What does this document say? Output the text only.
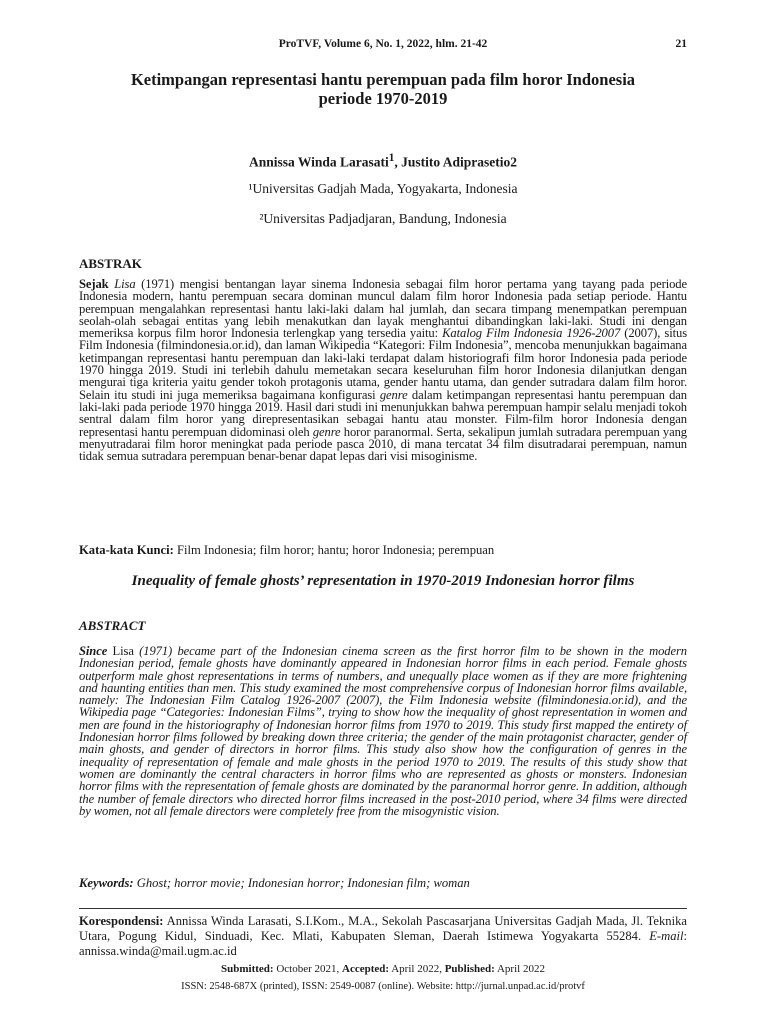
ProTVF, Volume 6, No. 1, 2022, hlm. 21-42	21
Ketimpangan representasi hantu perempuan pada film horor Indonesia
periode 1970-2019
Annissa Winda Larasati$^1$, Justito Adiprasetio2
¹Universitas Gadjah Mada, Yogyakarta, Indonesia
²Universitas Padjadjaran, Bandung, Indonesia
ABSTRAK

Sejak Lisa (1971) mengisi bentangan layar sinema Indonesia sebagai film horor pertama yang tayang pada periode Indonesia modern, hantu perempuan secara dominan muncul dalam film horor Indonesia pada setiap periode. Hantu perempuan mengalahkan representasi hantu laki-laki dalam hal jumlah, dan secara timpang menempatkan perempuan seolah-olah sebagai entitas yang lebih menakutkan dan layak menghantui dibandingkan laki-laki. Studi ini dengan memeriksa korpus film horor Indonesia terlengkap yang tersedia yaitu: Katalog Film Indonesia 1926-2007 (2007), situs Film Indonesia (filmindonesia.or.id), dan laman Wikipedia “Kategori: Film Indonesia”, mencoba menunjukkan bagaimana ketimpangan representasi hantu perempuan dan laki-laki terdapat dalam historiografi film horor Indonesia pada periode 1970 hingga 2019. Studi ini terlebih dahulu memetakan secara keseluruhan film horor Indonesia dilanjutkan dengan mengurai tiga kriteria yaitu gender tokoh protagonis utama, gender hantu utama, dan gender sutradara dalam film horor. Selain itu studi ini juga memeriksa bagaimana konfigurasi genre dalam ketimpangan representasi hantu perempuan dan laki-laki pada periode 1970 hingga 2019. Hasil dari studi ini menunjukkan bahwa perempuan hampir selalu menjadi tokoh sentral dalam film horor yang direpresentasikan sebagai hantu atau monster. Film-film horor Indonesia dengan representasi hantu perempuan didominasi oleh genre horor paranormal. Serta, sekalipun jumlah sutradara perempuan yang menyutradarai film horor meningkat pada periode pasca 2010, di mana tercatat 34 film disutradarai perempuan, namun tidak semua sutradara perempuan benar-benar dapat lepas dari visi misoginisme.

Kata-kata Kunci: Film Indonesia; film horor; hantu; horor Indonesia; perempuan
Inequality of female ghosts’ representation in 1970-2019 Indonesian horror films
ABSTRACT

Since Lisa (1971) became part of the Indonesian cinema screen as the first horror film to be shown in the modern Indonesian period, female ghosts have dominantly appeared in Indonesian horror films in each period. Female ghosts outperform male ghost representations in terms of numbers, and unequally place women as if they are more frightening and haunting entities than men. This study examined the most comprehensive corpus of Indonesian horror films available, namely: The Indonesian Film Catalog 1926-2007 (2007), the Film Indonesia website (filmindonesia.or.id), and the Wikipedia page “Categories: Indonesian Films”, trying to show how the inequality of ghost representation in women and men are found in the historiography of Indonesian horror films from 1970 to 2019. This study first mapped the entirety of Indonesian horror films followed by breaking down three criteria; the gender of the main protagonist character, gender of main ghosts, and gender of directors in horror films. This study also show how the configuration of genres in the inequality of representation of female and male ghosts in the period 1970 to 2019. The results of this study show that women are dominantly the central characters in horror films who are represented as ghosts or monsters. Indonesian horror films with the representation of female ghosts are dominated by the paranormal horror genre. In addition, although the number of female directors who directed horror films increased in the post-2010 period, where 34 films were directed by women, not all female directors were completely free from the misogynistic vision.

Keywords: Ghost; horror movie; Indonesian horror; Indonesian film; woman

Korespondensi: Annissa Winda Larasati, S.I.Kom., M.A., Sekolah Pascasarjana Universitas Gadjah Mada, Jl. Teknika Utara, Pogung Kidul, Sinduadi, Kec. Mlati, Kabupaten Sleman, Daerah Istimewa Yogyakarta 55284. E-mail: annissa.winda@mail.ugm.ac.id

Submitted: October 2021, Accepted: April 2022, Published: April 2022
ISSN: 2548-687X (printed), ISSN: 2549-0087 (online). Website: http://jurnal.unpad.ac.id/protvf
